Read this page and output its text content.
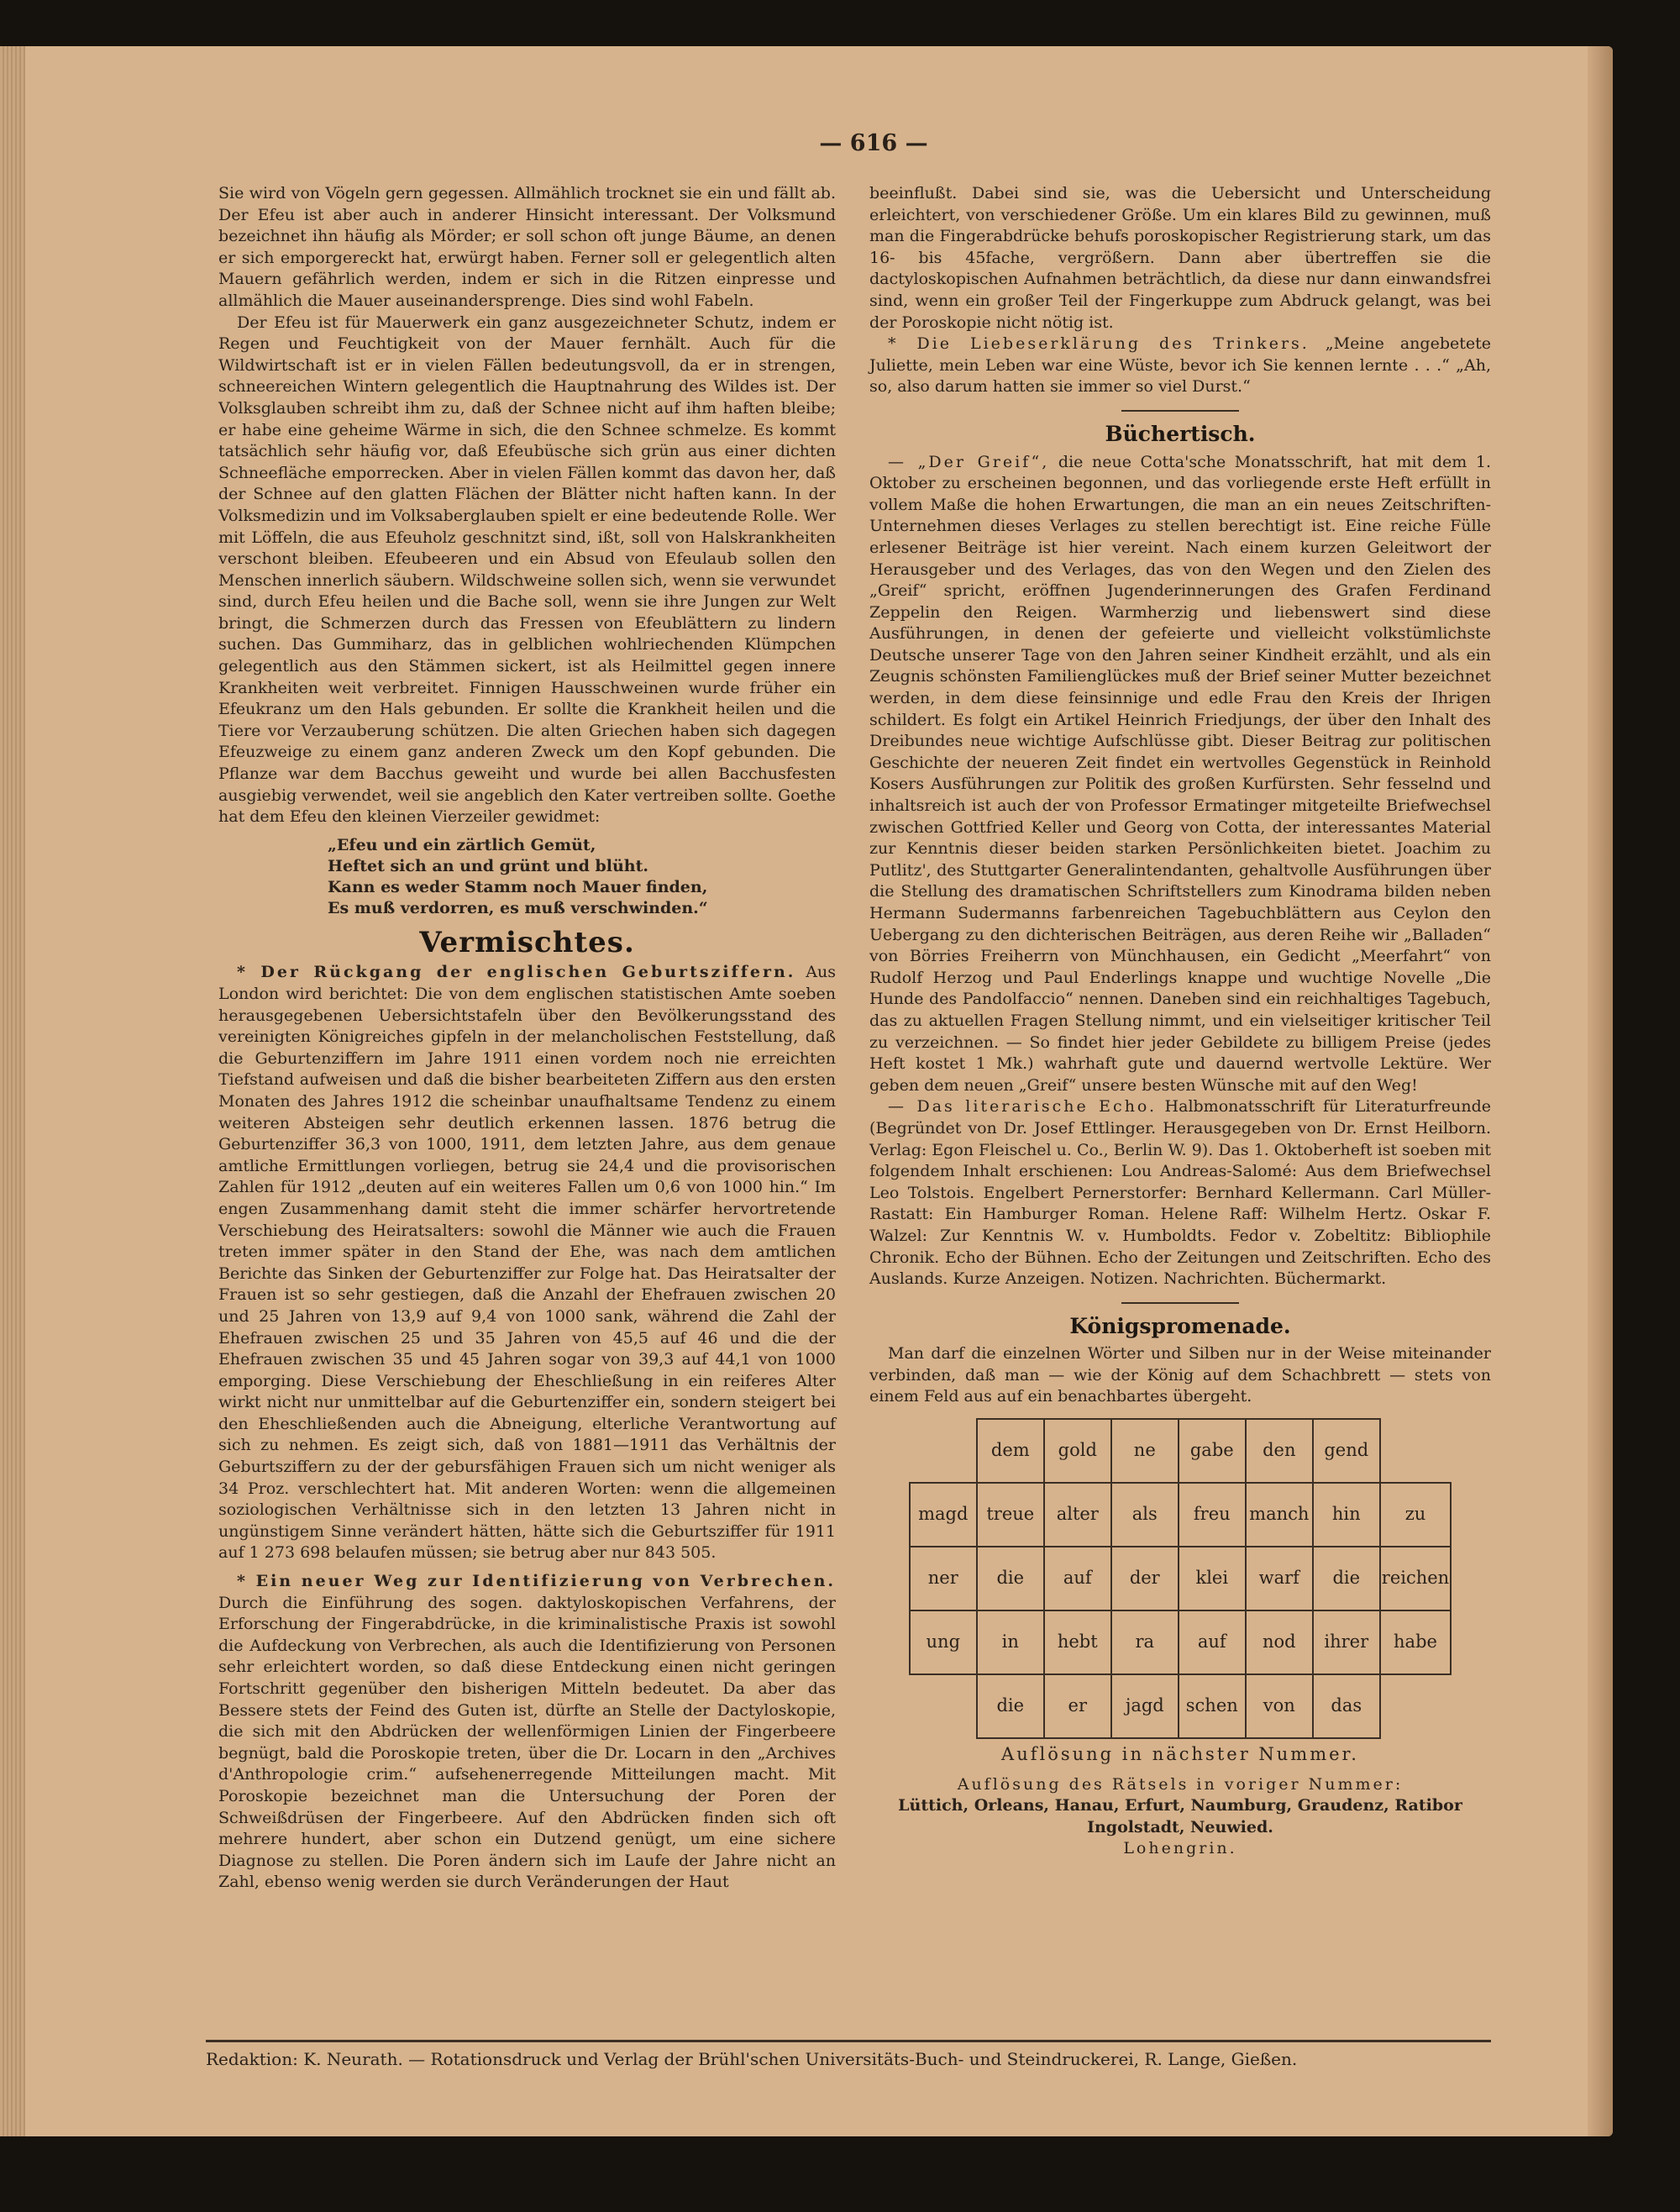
— 616 —

Sie wird von Vögeln gern gegessen. Allmählich trocknet sie ein und fällt ab. Der Efeu ist aber auch in anderer Hinsicht interessant. Der Volksmund bezeichnet ihn häufig als Mörder; er soll schon oft junge Bäume, an denen er sich emporgereckt hat, erwürgt haben. Ferner soll er gelegentlich alten Mauern gefährlich werden, indem er sich in die Ritzen einpresse und allmählich die Mauer auseinandersprenge. Dies sind wohl Fabeln.

Der Efeu ist für Mauerwerk ein ganz ausgezeichneter Schutz, indem er Regen und Feuchtigkeit von der Mauer fernhält. Auch für die Wildwirtschaft ist er in vielen Fällen bedeutungsvoll, da er in strengen, schneereichen Wintern gelegentlich die Hauptnahrung des Wildes ist. Der Volksglauben schreibt ihm zu, daß der Schnee nicht auf ihm haften bleibe; er habe eine geheime Wärme in sich, die den Schnee schmelze. Es kommt tatsächlich sehr häufig vor, daß Efeubüsche sich grün aus einer dichten Schneefläche emporrecken. Aber in vielen Fällen kommt das davon her, daß der Schnee auf den glatten Flächen der Blätter nicht haften kann. In der Volksmedizin und im Volksaberglauben spielt er eine bedeutende Rolle. Wer mit Löffeln, die aus Efeuholz geschnitzt sind, ißt, soll von Halskrankheiten verschont bleiben. Efeubeeren und ein Absud von Efeulaub sollen den Menschen innerlich säubern. Wildschweine sollen sich, wenn sie verwundet sind, durch Efeu heilen und die Bache soll, wenn sie ihre Jungen zur Welt bringt, die Schmerzen durch das Fressen von Efeublättern zu lindern suchen. Das Gummiharz, das in gelblichen wohlriechenden Klümpchen gelegentlich aus den Stämmen sickert, ist als Heilmittel gegen innere Krankheiten weit verbreitet. Finnigen Hausschweinen wurde früher ein Efeukranz um den Hals gebunden. Er sollte die Krankheit heilen und die Tiere vor Verzauberung schützen. Die alten Griechen haben sich dagegen Efeuzweige zu einem ganz anderen Zweck um den Kopf gebunden. Die Pflanze war dem Bacchus geweiht und wurde bei allen Bacchusfesten ausgiebig verwendet, weil sie angeblich den Kater vertreiben sollte. Goethe hat dem Efeu den kleinen Vierzeiler gewidmet:

„Efeu und ein zärtlich Gemüt,
Heftet sich an und grünt und blüht.
Kann es weder Stamm noch Mauer finden,
Es muß verdorren, es muß verschwinden.“
Vermischtes.

* Der Rückgang der englischen Geburtsziffern. Aus London wird berichtet: Die von dem englischen statistischen Amte soeben herausgegebenen Uebersichtstafeln über den Bevölkerungsstand des vereinigten Königreiches gipfeln in der melancholischen Feststellung, daß die Geburtenziffern im Jahre 1911 einen vordem noch nie erreichten Tiefstand aufweisen und daß die bisher bearbeiteten Ziffern aus den ersten Monaten des Jahres 1912 die scheinbar unaufhaltsame Tendenz zu einem weiteren Absteigen sehr deutlich erkennen lassen. 1876 betrug die Geburtenziffer 36,3 von 1000, 1911, dem letzten Jahre, aus dem genaue amtliche Ermittlungen vorliegen, betrug sie 24,4 und die provisorischen Zahlen für 1912 „deuten auf ein weiteres Fallen um 0,6 von 1000 hin.“ Im engen Zusammenhang damit steht die immer schärfer hervortretende Verschiebung des Heiratsalters: sowohl die Männer wie auch die Frauen treten immer später in den Stand der Ehe, was nach dem amtlichen Berichte das Sinken der Geburtenziffer zur Folge hat. Das Heiratsalter der Frauen ist so sehr gestiegen, daß die Anzahl der Ehefrauen zwischen 20 und 25 Jahren von 13,9 auf 9,4 von 1000 sank, während die Zahl der Ehefrauen zwischen 25 und 35 Jahren von 45,5 auf 46 und die der Ehefrauen zwischen 35 und 45 Jahren sogar von 39,3 auf 44,1 von 1000 emporging. Diese Verschiebung der Eheschließung in ein reiferes Alter wirkt nicht nur unmittelbar auf die Geburtenziffer ein, sondern steigert bei den Eheschließenden auch die Abneigung, elterliche Verantwortung auf sich zu nehmen. Es zeigt sich, daß von 1881—1911 das Verhältnis der Geburtsziffern zu der der gebursfähigen Frauen sich um nicht weniger als 34 Proz. verschlechtert hat. Mit anderen Worten: wenn die allgemeinen soziologischen Verhältnisse sich in den letzten 13 Jahren nicht in ungünstigem Sinne verändert hätten, hätte sich die Geburtsziffer für 1911 auf 1 273 698 belaufen müssen; sie betrug aber nur 843 505.

* Ein neuer Weg zur Identifizierung von Verbrechen. Durch die Einführung des sogen. daktyloskopischen Verfahrens, der Erforschung der Fingerabdrücke, in die kriminalistische Praxis ist sowohl die Aufdeckung von Verbrechen, als auch die Identifizierung von Personen sehr erleichtert worden, so daß diese Entdeckung einen nicht geringen Fortschritt gegenüber den bisherigen Mitteln bedeutet. Da aber das Bessere stets der Feind des Guten ist, dürfte an Stelle der Dactyloskopie, die sich mit den Abdrücken der wellenförmigen Linien der Fingerbeere begnügt, bald die Poroskopie treten, über die Dr. Locarn in den „Archives d'Anthropologie crim.“ aufsehenerregende Mitteilungen macht. Mit Poroskopie bezeichnet man die Untersuchung der Poren der Schweißdrüsen der Fingerbeere. Auf den Abdrücken finden sich oft mehrere hundert, aber schon ein Dutzend genügt, um eine sichere Diagnose zu stellen. Die Poren ändern sich im Laufe der Jahre nicht an Zahl, ebenso wenig werden sie durch Veränderungen der Haut

beeinflußt. Dabei sind sie, was die Uebersicht und Unterscheidung erleichtert, von verschiedener Größe. Um ein klares Bild zu gewinnen, muß man die Fingerabdrücke behufs poroskopischer Registrierung stark, um das 16- bis 45fache, vergrößern. Dann aber übertreffen sie die dactyloskopischen Aufnahmen beträchtlich, da diese nur dann einwandsfrei sind, wenn ein großer Teil der Fingerkuppe zum Abdruck gelangt, was bei der Poroskopie nicht nötig ist.

* Die Liebeserklärung des Trinkers. „Meine angebetete Juliette, mein Leben war eine Wüste, bevor ich Sie kennen lernte . . .“ „Ah, so, also darum hatten sie immer so viel Durst.“

Büchertisch.

— „Der Greif“, die neue Cotta'sche Monatsschrift, hat mit dem 1. Oktober zu erscheinen begonnen, und das vorliegende erste Heft erfüllt in vollem Maße die hohen Erwartungen, die man an ein neues Zeitschriften-Unternehmen dieses Verlages zu stellen berechtigt ist. Eine reiche Fülle erlesener Beiträge ist hier vereint. Nach einem kurzen Geleitwort der Herausgeber und des Verlages, das von den Wegen und den Zielen des „Greif“ spricht, eröffnen Jugenderinnerungen des Grafen Ferdinand Zeppelin den Reigen. Warmherzig und liebenswert sind diese Ausführungen, in denen der gefeierte und vielleicht volkstümlichste Deutsche unserer Tage von den Jahren seiner Kindheit erzählt, und als ein Zeugnis schönsten Familienglückes muß der Brief seiner Mutter bezeichnet werden, in dem diese feinsinnige und edle Frau den Kreis der Ihrigen schildert. Es folgt ein Artikel Heinrich Friedjungs, der über den Inhalt des Dreibundes neue wichtige Aufschlüsse gibt. Dieser Beitrag zur politischen Geschichte der neueren Zeit findet ein wertvolles Gegenstück in Reinhold Kosers Ausführungen zur Politik des großen Kurfürsten. Sehr fesselnd und inhaltsreich ist auch der von Professor Ermatinger mitgeteilte Briefwechsel zwischen Gottfried Keller und Georg von Cotta, der interessantes Material zur Kenntnis dieser beiden starken Persönlichkeiten bietet. Joachim zu Putlitz', des Stuttgarter Generalintendanten, gehaltvolle Ausführungen über die Stellung des dramatischen Schriftstellers zum Kinodrama bilden neben Hermann Sudermanns farbenreichen Tagebuchblättern aus Ceylon den Uebergang zu den dichterischen Beiträgen, aus deren Reihe wir „Balladen“ von Börries Freiherrn von Münchhausen, ein Gedicht „Meerfahrt“ von Rudolf Herzog und Paul Enderlings knappe und wuchtige Novelle „Die Hunde des Pandolfaccio“ nennen. Daneben sind ein reichhaltiges Tagebuch, das zu aktuellen Fragen Stellung nimmt, und ein vielseitiger kritischer Teil zu verzeichnen. — So findet hier jeder Gebildete zu billigem Preise (jedes Heft kostet 1 Mk.) wahrhaft gute und dauernd wertvolle Lektüre. Wer geben dem neuen „Greif“ unsere besten Wünsche mit auf den Weg!

— Das literarische Echo. Halbmonatsschrift für Literaturfreunde (Begründet von Dr. Josef Ettlinger. Herausgegeben von Dr. Ernst Heilborn. Verlag: Egon Fleischel u. Co., Berlin W. 9). Das 1. Oktoberheft ist soeben mit folgendem Inhalt erschienen: Lou Andreas-Salomé: Aus dem Briefwechsel Leo Tolstois. Engelbert Pernerstorfer: Bernhard Kellermann. Carl Müller-Rastatt: Ein Hamburger Roman. Helene Raff: Wilhelm Hertz. Oskar F. Walzel: Zur Kenntnis W. v. Humboldts. Fedor v. Zobeltitz: Bibliophile Chronik. Echo der Bühnen. Echo der Zeitungen und Zeitschriften. Echo des Auslands. Kurze Anzeigen. Notizen. Nachrichten. Büchermarkt.

Königspromenade.

Man darf die einzelnen Wörter und Silben nur in der Weise miteinander verbinden, daß man — wie der König auf dem Schachbrett — stets von einem Feld aus auf ein benachbartes übergeht.

	dem	gold	ne	gabe	den	gend	
magd	treue	alter	als	freu	manch	hin	zu
ner	die	auf	der	klei	warf	die	reichen
ung	in	hebt	ra	auf	nod	ihrer	habe
	die	er	jagd	schen	von	das	
Auflösung in nächster Nummer.
Auflösung des Rätsels in voriger Nummer:
Lüttich, Orleans, Hanau, Erfurt, Naumburg, Graudenz, Ratibor
Ingolstadt, Neuwied.
Lohengrin.
Redaktion: K. Neurath. — Rotationsdruck und Verlag der Brühl'schen Universitäts-Buch- und Steindruckerei, R. Lange, Gießen.
